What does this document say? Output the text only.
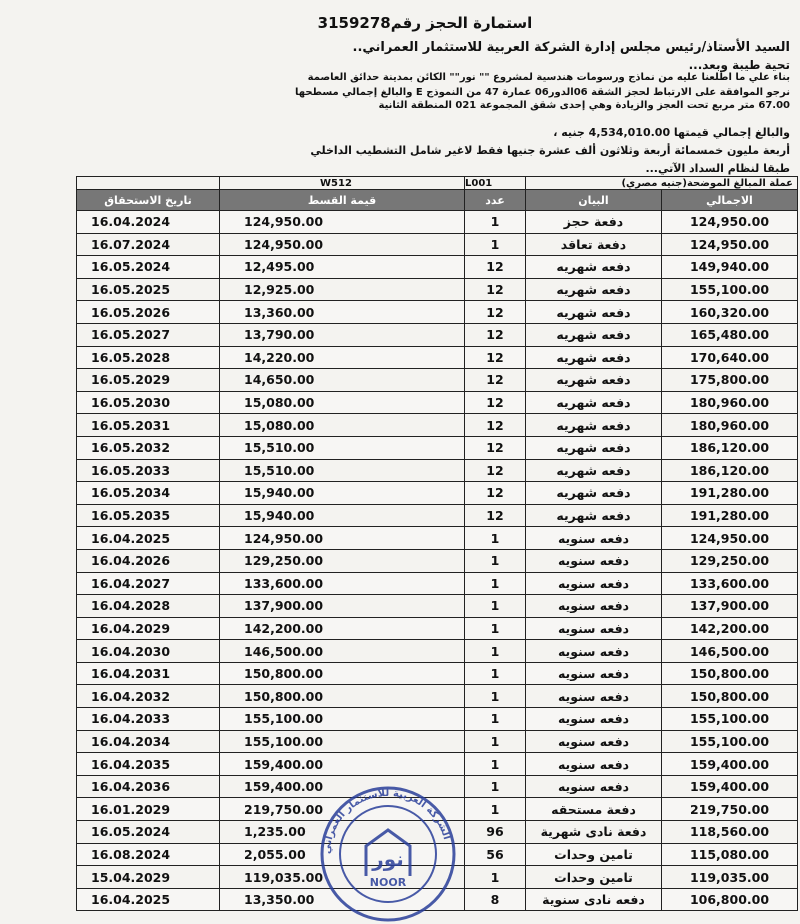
استمارة الحجز رقم3159278
السيد الأستاذ/رئيس مجلس إدارة الشركة العربية للاستثمار العمراني..
تحية طيبة وبعد...
بناء علي ما اطلعنا عليه من نماذج ورسومات هندسية لمشروع "" نور"" الكائن بمدينة حدائق العاصمة
نرجو الموافقة على الارتباط لحجز الشقة 06الدور06 عمارة 47 من النموذج E والبالغ إجمالي مسطحها
67.00 متر مربع تحت العجز والزيادة وهي إحدى شقق المجموعة 021 المنطقة الثانية
والبالغ إجمالي قيمتها 4,534,010.00 جنيه ،
أربعة مليون خمسمائة أربعة وثلاثون ألف عشرة جنيها فقط لاغير شامل التشطيب الداخلي
طبقا لنظام السداد الآتي...
	W512	L001	عملة المبالغ الموضحة(جنيه مصري)	
تاريخ الاستحقاق	قيمة القسط	عدد	البيان	الاجمالي
16.04.2024	124,950.00	1	دفعة حجز	124,950.00
16.07.2024	124,950.00	1	دفعة تعاقد	124,950.00
16.05.2024	12,495.00	12	دفعه شهريه	149,940.00
16.05.2025	12,925.00	12	دفعه شهريه	155,100.00
16.05.2026	13,360.00	12	دفعه شهريه	160,320.00
16.05.2027	13,790.00	12	دفعه شهريه	165,480.00
16.05.2028	14,220.00	12	دفعه شهريه	170,640.00
16.05.2029	14,650.00	12	دفعه شهريه	175,800.00
16.05.2030	15,080.00	12	دفعه شهريه	180,960.00
16.05.2031	15,080.00	12	دفعه شهريه	180,960.00
16.05.2032	15,510.00	12	دفعه شهريه	186,120.00
16.05.2033	15,510.00	12	دفعه شهريه	186,120.00
16.05.2034	15,940.00	12	دفعه شهريه	191,280.00
16.05.2035	15,940.00	12	دفعه شهريه	191,280.00
16.04.2025	124,950.00	1	دفعه سنويه	124,950.00
16.04.2026	129,250.00	1	دفعه سنويه	129,250.00
16.04.2027	133,600.00	1	دفعه سنويه	133,600.00
16.04.2028	137,900.00	1	دفعه سنويه	137,900.00
16.04.2029	142,200.00	1	دفعه سنويه	142,200.00
16.04.2030	146,500.00	1	دفعه سنويه	146,500.00
16.04.2031	150,800.00	1	دفعه سنويه	150,800.00
16.04.2032	150,800.00	1	دفعه سنويه	150,800.00
16.04.2033	155,100.00	1	دفعه سنويه	155,100.00
16.04.2034	155,100.00	1	دفعه سنويه	155,100.00
16.04.2035	159,400.00	1	دفعه سنويه	159,400.00
16.04.2036	159,400.00	1	دفعه سنويه	159,400.00
16.01.2029	219,750.00	1	دفعة مستحقه	219,750.00
16.05.2024	1,235.00	96	دفعة نادى شهرية	118,560.00
16.08.2024	2,055.00	56	تامين وحدات	115,080.00
15.04.2029	119,035.00	1	تامين وحدات	119,035.00
16.04.2025	13,350.00	8	دفعه نادى سنوية	106,800.00
الشركة العربية للاستثمار العمراني
نور
NOOR
